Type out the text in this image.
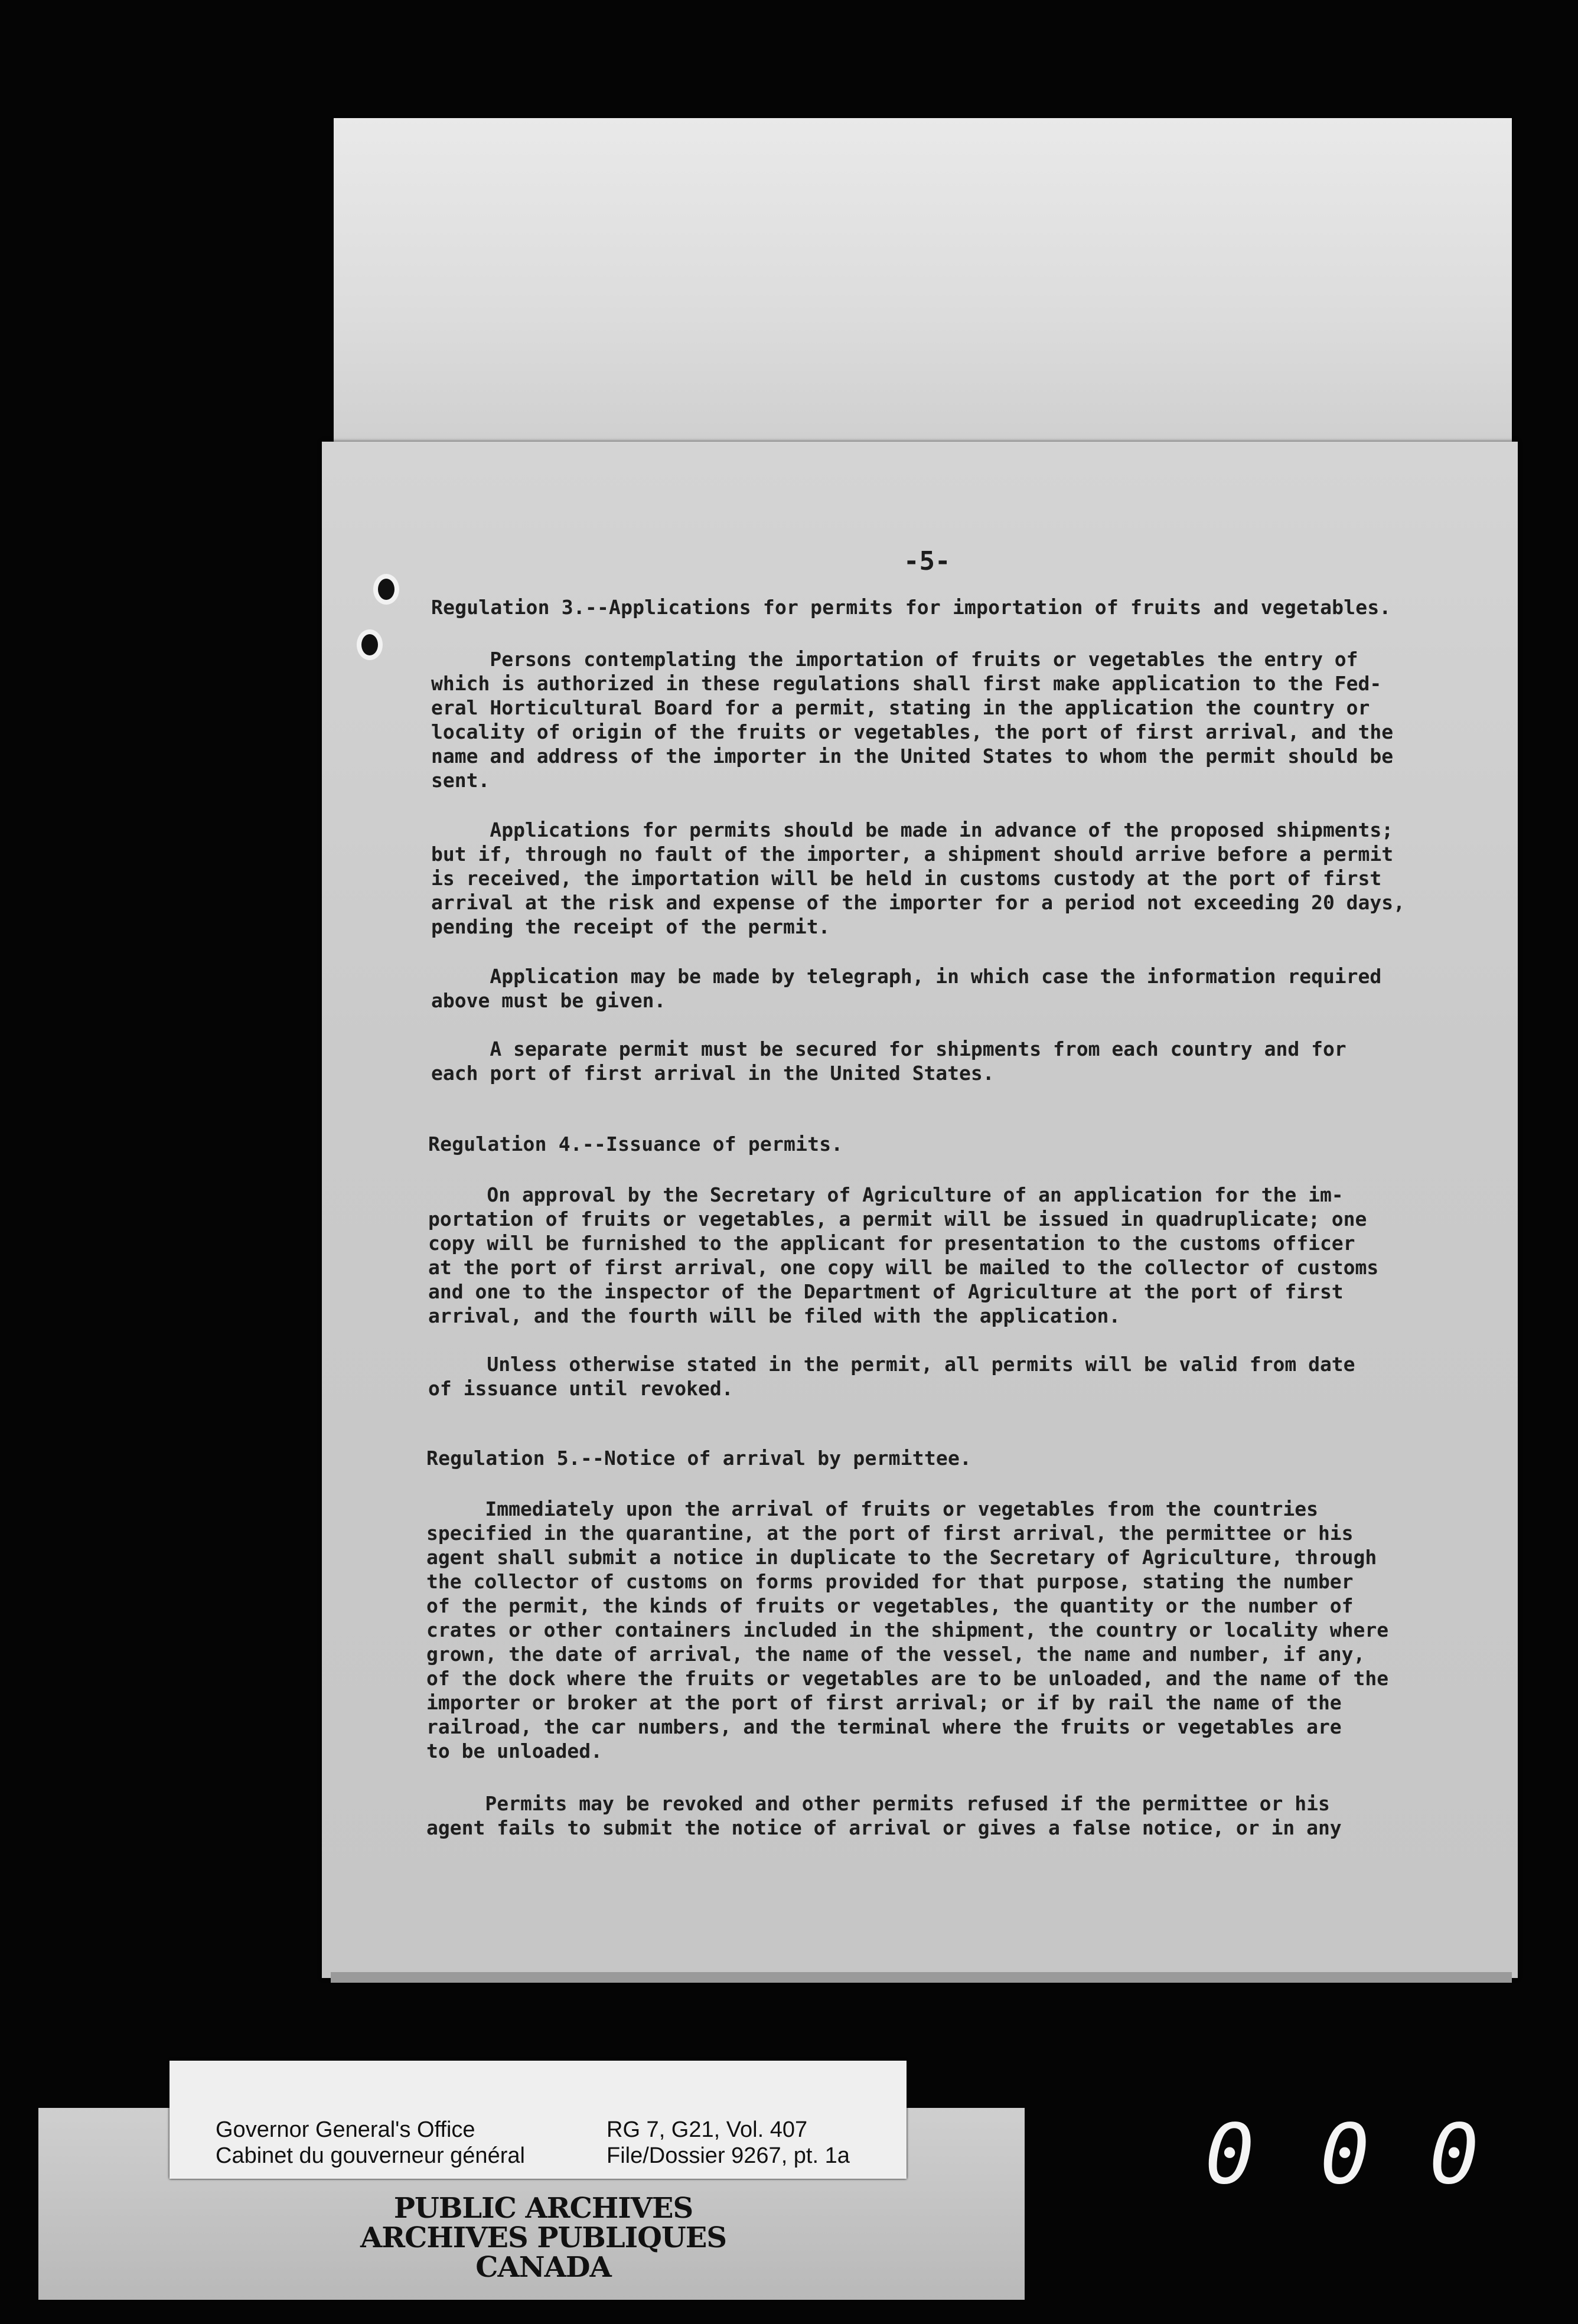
-5-

Regulation 3.--Applications for permits for importation of fruits and vegetables.

Persons contemplating the importation of fruits or vegetables the entry of
which is authorized in these regulations shall first make application to the Fed-
eral Horticultural Board for a permit, stating in the application the country or
locality of origin of the fruits or vegetables, the port of first arrival, and the
name and address of the importer in the United States to whom the permit should be
sent.

Applications for permits should be made in advance of the proposed shipments;
but if, through no fault of the importer, a shipment should arrive before a permit
is received, the importation will be held in customs custody at the port of first
arrival at the risk and expense of the importer for a period not exceeding 20 days,
pending the receipt of the permit.

Application may be made by telegraph, in which case the information required
above must be given.

A separate permit must be secured for shipments from each country and for
each port of first arrival in the United States.

Regulation 4.--Issuance of permits.

On approval by the Secretary of Agriculture of an application for the im-
portation of fruits or vegetables, a permit will be issued in quadruplicate; one
copy will be furnished to the applicant for presentation to the customs officer
at the port of first arrival, one copy will be mailed to the collector of customs
and one to the inspector of the Department of Agriculture at the port of first
arrival, and the fourth will be filed with the application.

Unless otherwise stated in the permit, all permits will be valid from date
of issuance until revoked.

Regulation 5.--Notice of arrival by permittee.

Immediately upon the arrival of fruits or vegetables from the countries
specified in the quarantine, at the port of first arrival, the permittee or his
agent shall submit a notice in duplicate to the Secretary of Agriculture, through
the collector of customs on forms provided for that purpose, stating the number
of the permit, the kinds of fruits or vegetables, the quantity or the number of
crates or other containers included in the shipment, the country or locality where
grown, the date of arrival, the name of the vessel, the name and number, if any,
of the dock where the fruits or vegetables are to be unloaded, and the name of the
importer or broker at the port of first arrival; or if by rail the name of the
railroad, the car numbers, and the terminal where the fruits or vegetables are
to be unloaded.

Permits may be revoked and other permits refused if the permittee or his
agent fails to submit the notice of arrival or gives a false notice, or in any

Governor General's Office
Cabinet du gouverneur général
RG 7, G21, Vol. 407
File/Dossier 9267, pt. 1a
PUBLIC ARCHIVES
ARCHIVES PUBLIQUES
CANADA
0 0 0
